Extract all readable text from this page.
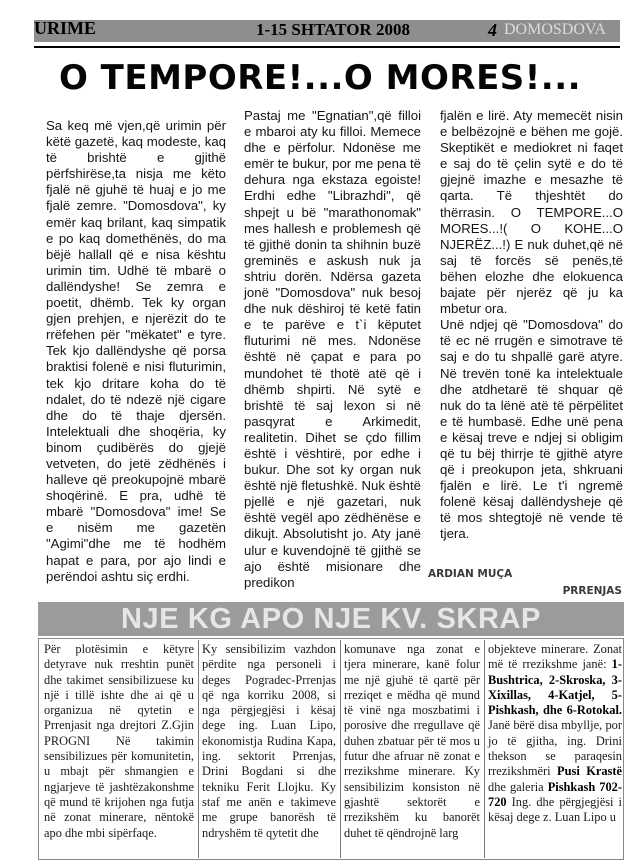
URIME	1-15 SHTATOR 2008	4 DOMOSDOVA
O TEMPORE!...O MORES!...

Sa keq më vjen,që urimin për këtë gazetë, kaq modeste, kaq të brishtë e gjithë përfshirëse,ta nisja me këto fjalë në gjuhë të huaj e jo me fjalë zemre. "Domosdova", ky emër kaq brilant, kaq simpatik e po kaq domethënës, do ma bëjë hallall që e nisa kështu urimin tim. Udhë të mbarë o dallëndyshe! Se zemra e poetit, dhëmb. Tek ky organ gjen prehjen, e njerëzit do te rrëfehen për "mëkatet" e tyre. Tek kjo dallëndyshe që porsa braktisi folenë e nisi fluturimin, tek kjo dritare koha do të ndalet, do të ndezë një cigare dhe do të thaje djersën. Intelektuali dhe shoqëria, ky binom çudibërës do gjejë vetveten, do jetë zëdhënës i halleve që preokupojnë mbarë shoqërinë. E pra, udhë të mbarë "Domosdova" ime! Se e nisëm me gazetën "Agimi"dhe me të hodhëm hapat e para, por ajo lindi e perëndoi ashtu siç erdhi.

Pastaj me "Egnatian",që filloi e mbaroi aty ku filloi. Memece dhe e përfolur. Ndonëse me emër te bukur, por me pena të dehura nga ekstaza egoiste! Erdhi edhe "Librazhdi", që shpejt u bë "marathonomak" mes hallesh e problemesh që të gjithë donin ta shihnin buzë greminës e askush nuk ja shtriu dorën. Ndërsa gazeta jonë "Domosdova" nuk besoj dhe nuk dëshiroj të ketë fatin e te parëve e t`i këputet fluturimi në mes. Ndonëse është në çapat e para po mundohet të thotë atë që i dhëmb shpirti. Në sytë e brishtë të saj lexon si në pasqyrat e Arkimedit, realitetin. Dihet se çdo fillim është i vështirë, por edhe i bukur. Dhe sot ky organ nuk është një fletushkë. Nuk është pjellë e një gazetari, nuk është vegël apo zëdhënëse e dikujt. Absolutisht jo. Aty janë ulur e kuvendojnë të gjithë se ajo është misionare dhe predikon

fjalën e lirë. Aty memecët nisin e belbëzojnë e bëhen me gojë. Skeptikët e mediokret ni faqet e saj do të çelin sytë e do të gjejnë imazhe e mesazhe të qarta. Të thjeshtët do thërrasin. O TEMPORE...O MORES...!( O KOHE...O NJERËZ...!) E nuk duhet,që në saj të forcës së penës,të bëhen elozhe dhe elokuenca bajate për njerëz që ju ka mbetur ora.

Unë ndjej që "Domosdova" do të ec në rrugën e simotrave të saj e do tu shpallë garë atyre. Në trevën tonë ka intelektuale dhe atdhetarë të shquar që nuk do ta lënë atë të përpëlitet e të humbasë. Edhe unë pena e kësaj treve e ndjej si obligim që tu bëj thirrje të gjithë atyre që i preokupon jeta, shkruani fjalën e lirë. Le t'i ngremë folenë kësaj dallëndysheje që të mos shtegtojë në vende të tjera.

ARDIAN MUÇA
PRRENJAS
NJE KG APO NJE KV. SKRAP
Për plotësimin e këtyre detyrave nuk rreshtin punët dhe takimet sensibilizuese ku një i tillë ishte dhe ai që u organizua në qytetin e Prrenjasit nga drejtori Z.Gjin PROGNI Në takimin sensibilizues për komunitetin, u mbajt për shmangien e ngjarjeve të jashtëzakonshme që mund të krijohen nga futja në zonat minerare, nëntokë apo dhe mbi sipërfaqe.
Ky sensibilizim vazhdon përdite nga personeli i deges Pogradec-Prrenjas që nga korriku 2008, si nga përgjegjësi i kësaj dege ing. Luan Lipo, ekonomistja Rudina Kapa, ing. sektorit Prrenjas, Drini Bogdani si dhe tekniku Ferit Llojku. Ky staf me anën e takimeve me grupe banorësh të ndryshëm të qytetit dhe
komunave nga zonat e tjera minerare, kanë folur me një gjuhë të qartë për rreziqet e mëdha që mund të vinë nga moszbatimi i porosive dhe rregullave që duhen zbatuar për të mos u futur dhe afruar në zonat e rrezikshme minerare. Ky sensibilizim konsiston në gjashtë sektorët e rrezikshëm ku banorët duhet të qëndrojnë larg
objekteve minerare. Zonat më të rrezikshme janë: 1-Bushtrica, 2-Skroska, 3-Xixillas, 4-Katjel, 5-Pishkash, dhe 6-Rotokal. Janë bërë disa mbyllje, por jo të gjitha, ing. Drini thekson se paraqesin rrezikshmëri Pusi Krastë dhe galeria Pishkash 702-720 Ing. dhe përgjegjësi i kësaj dege z. Luan Lipo u
